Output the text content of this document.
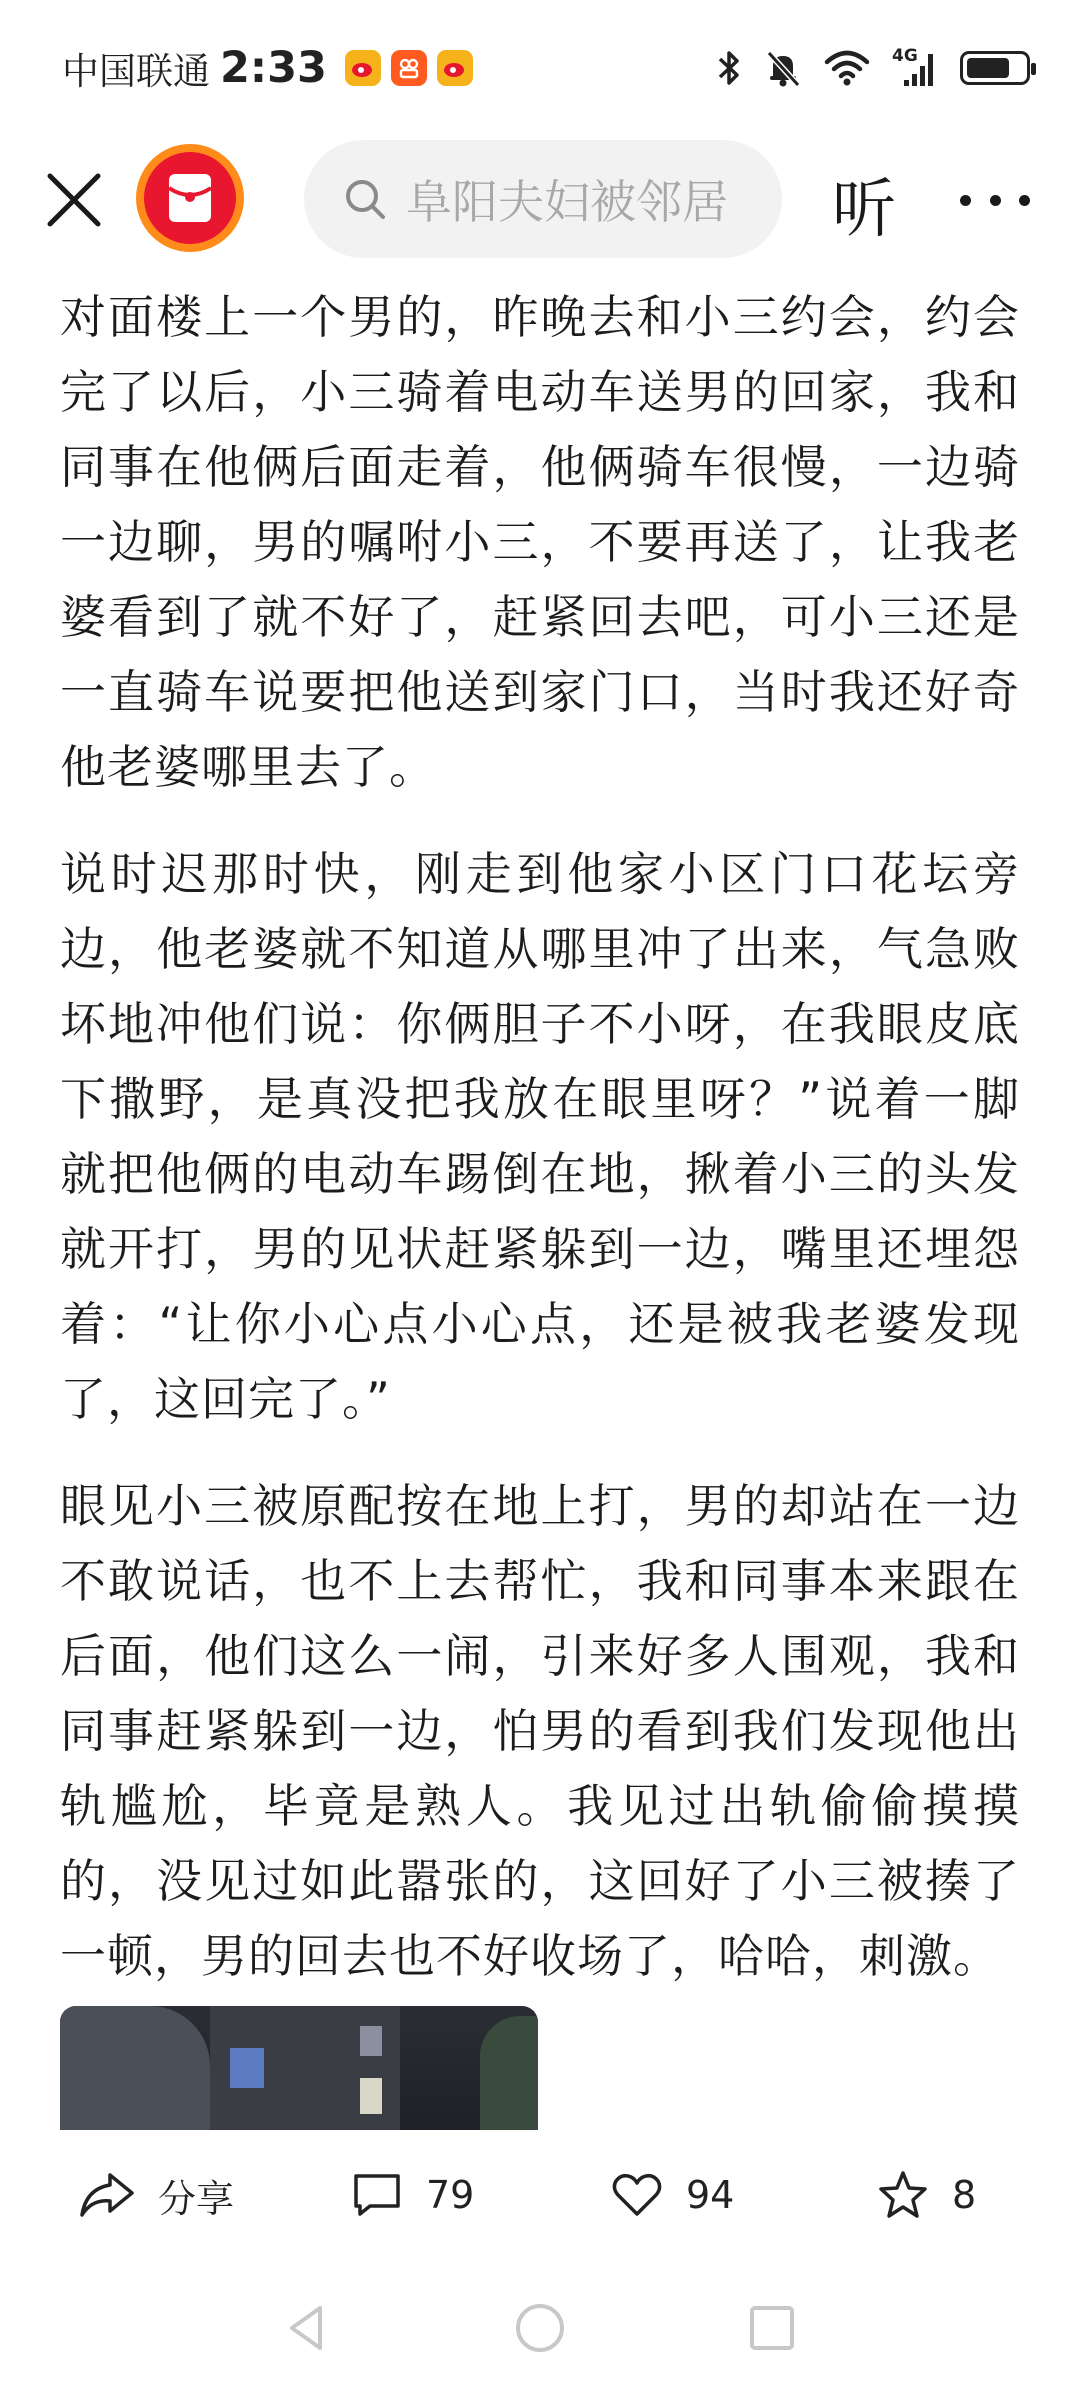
中国联通 2:33	4G
阜阳夫妇被邻居 听

对面楼上一个男的，昨晚去和小三约会，约会完了以后，小三骑着电动车送男的回家，我和同事在他俩后面走着，他俩骑车很慢，一边骑一边聊，男的嘱咐小三，不要再送了，让我老婆看到了就不好了，赶紧回去吧，可小三还是一直骑车说要把他送到家门口，当时我还好奇他老婆哪里去了。

说时迟那时快，刚走到他家小区门口花坛旁边，他老婆就不知道从哪里冲了出来，气急败坏地冲他们说：你俩胆子不小呀，在我眼皮底下撒野，是真没把我放在眼里呀？”说着一脚就把他俩的电动车踢倒在地，揪着小三的头发就开打，男的见状赶紧躲到一边，嘴里还埋怨着：“让你小心点小心点，还是被我老婆发现了，这回完了。”

眼见小三被原配按在地上打，男的却站在一边不敢说话，也不上去帮忙，我和同事本来跟在后面，他们这么一闹，引来好多人围观，我和同事赶紧躲到一边，怕男的看到我们发现他出轨尴尬，毕竟是熟人。我见过出轨偷偷摸摸的，没见过如此嚣张的，这回好了小三被揍了一顿，男的回去也不好收场了，哈哈，刺激。

分享	79	94	8
